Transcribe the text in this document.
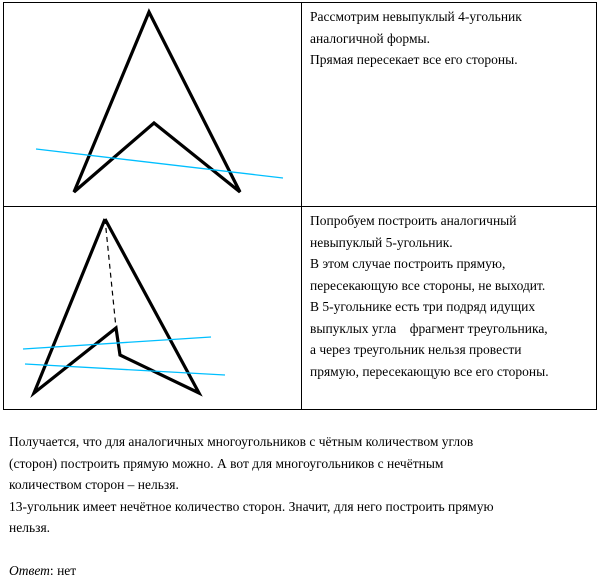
Рассмотрим невыпуклый 4-угольник
аналогичной формы.
Прямая пересекает все его стороны.
Попробуем построить аналогичный
невыпуклый 5-угольник.
В этом случае построить прямую,
пересекающую все стороны, не выходит.
В 5-угольнике есть три подряд идущих
выпуклых угла    фрагмент треугольника,
а через треугольник нельзя провести
прямую, пересекающую все его стороны.
Получается, что для аналогичных многоугольников с чётным количеством углов
(сторон) построить прямую можно. А вот для многоугольников с нечётным
количеством сторон – нельзя.
13-угольник имеет нечётное количество сторон. Значит, для него построить прямую
нельзя.
Ответ: нет
